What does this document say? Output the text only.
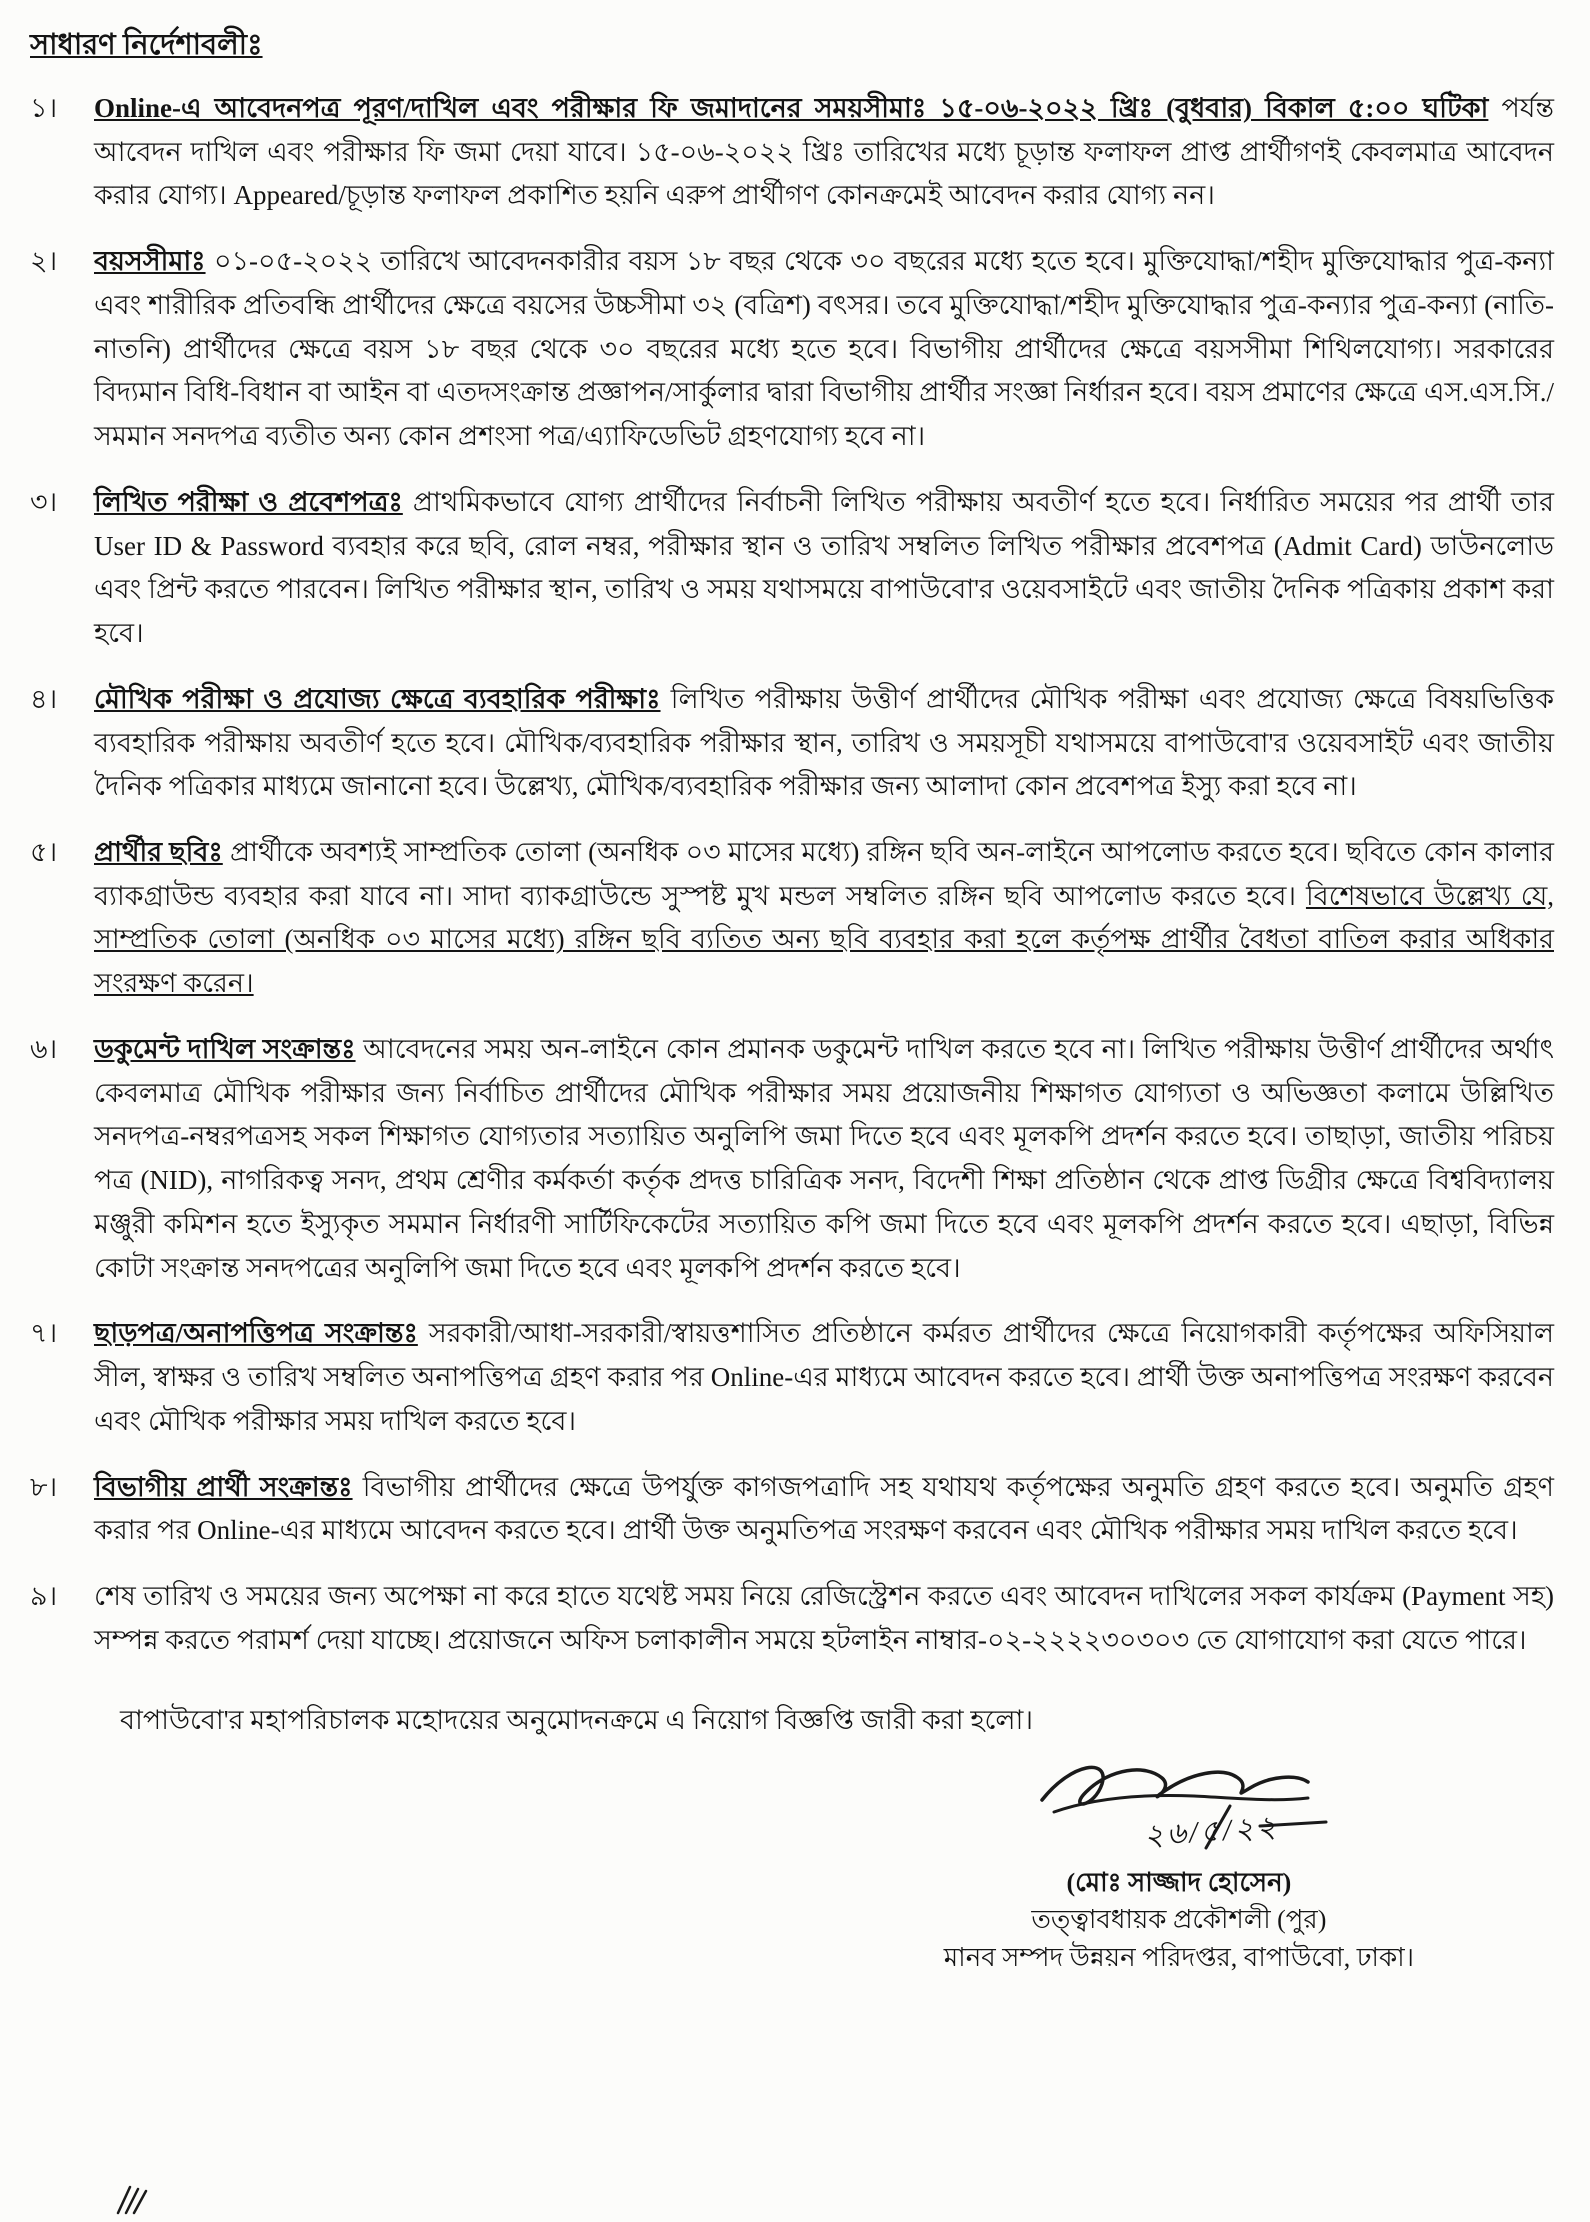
সাধারণ নির্দেশাবলীঃ
১।	Online-এ আবেদনপত্র পূরণ/দাখিল এবং পরীক্ষার ফি জমাদানের সময়সীমাঃ ১৫-০৬-২০২২ খ্রিঃ (বুধবার) বিকাল ৫:০০ ঘটিকা পর্যন্ত আবেদন দাখিল এবং পরীক্ষার ফি জমা দেয়া যাবে। ১৫-০৬-২০২২ খ্রিঃ তারিখের মধ্যে চূড়ান্ত ফলাফল প্রাপ্ত প্রার্থীগণই কেবলমাত্র আবেদন করার যোগ্য। Appeared/চূড়ান্ত ফলাফল প্রকাশিত হয়নি এরুপ প্রার্থীগণ কোনক্রমেই আবেদন করার যোগ্য নন।
২।	বয়সসীমাঃ ০১-০৫-২০২২ তারিখে আবেদনকারীর বয়স ১৮ বছর থেকে ৩০ বছরের মধ্যে হতে হবে। মুক্তিযোদ্ধা/শহীদ মুক্তিযোদ্ধার পুত্র-কন্যা এবং শারীরিক প্রতিবন্ধি প্রার্থীদের ক্ষেত্রে বয়সের উচ্চসীমা ৩২ (বত্রিশ) বৎসর। তবে মুক্তিযোদ্ধা/শহীদ মুক্তিযোদ্ধার পুত্র-কন্যার পুত্র-কন্যা (নাতি-নাতনি) প্রার্থীদের ক্ষেত্রে বয়স ১৮ বছর থেকে ৩০ বছরের মধ্যে হতে হবে। বিভাগীয় প্রার্থীদের ক্ষেত্রে বয়সসীমা শিথিলযোগ্য। সরকারের বিদ্যমান বিধি-বিধান বা আইন বা এতদসংক্রান্ত প্রজ্ঞাপন/সার্কুলার দ্বারা বিভাগীয় প্রার্থীর সংজ্ঞা নির্ধারন হবে। বয়স প্রমাণের ক্ষেত্রে এস.এস.সি./সমমান সনদপত্র ব্যতীত অন্য কোন প্রশংসা পত্র/এ্যাফিডেভিট গ্রহণযোগ্য হবে না।
৩।	লিখিত পরীক্ষা ও প্রবেশপত্রঃ প্রাথমিকভাবে যোগ্য প্রার্থীদের নির্বাচনী লিখিত পরীক্ষায় অবতীর্ণ হতে হবে। নির্ধারিত সময়ের পর প্রার্থী তার User ID & Password ব্যবহার করে ছবি, রোল নম্বর, পরীক্ষার স্থান ও তারিখ সম্বলিত লিখিত পরীক্ষার প্রবেশপত্র (Admit Card) ডাউনলোড এবং প্রিন্ট করতে পারবেন। লিখিত পরীক্ষার স্থান, তারিখ ও সময় যথাসময়ে বাপাউবো'র ওয়েবসাইটে এবং জাতীয় দৈনিক পত্রিকায় প্রকাশ করা হবে।
৪।	মৌখিক পরীক্ষা ও প্রযোজ্য ক্ষেত্রে ব্যবহারিক পরীক্ষাঃ লিখিত পরীক্ষায় উত্তীর্ণ প্রার্থীদের মৌখিক পরীক্ষা এবং প্রযোজ্য ক্ষেত্রে বিষয়ভিত্তিক ব্যবহারিক পরীক্ষায় অবতীর্ণ হতে হবে। মৌখিক/ব্যবহারিক পরীক্ষার স্থান, তারিখ ও সময়সূচী যথাসময়ে বাপাউবো'র ওয়েবসাইট এবং জাতীয় দৈনিক পত্রিকার মাধ্যমে জানানো হবে। উল্লেখ্য, মৌখিক/ব্যবহারিক পরীক্ষার জন্য আলাদা কোন প্রবেশপত্র ইস্যু করা হবে না।
৫।	প্রার্থীর ছবিঃ প্রার্থীকে অবশ্যই সাম্প্রতিক তোলা (অনধিক ০৩ মাসের মধ্যে) রঙ্গিন ছবি অন-লাইনে আপলোড করতে হবে। ছবিতে কোন কালার ব্যাকগ্রাউন্ড ব্যবহার করা যাবে না। সাদা ব্যাকগ্রাউন্ডে সুস্পষ্ট মুখ মন্ডল সম্বলিত রঙ্গিন ছবি আপলোড করতে হবে। বিশেষভাবে উল্লেখ্য যে, সাম্প্রতিক তোলা (অনধিক ০৩ মাসের মধ্যে) রঙ্গিন ছবি ব্যতিত অন্য ছবি ব্যবহার করা হলে কর্তৃপক্ষ প্রার্থীর বৈধতা বাতিল করার অধিকার সংরক্ষণ করেন।
৬।	ডকুমেন্ট দাখিল সংক্রান্তঃ আবেদনের সময় অন-লাইনে কোন প্রমানক ডকুমেন্ট দাখিল করতে হবে না। লিখিত পরীক্ষায় উত্তীর্ণ প্রার্থীদের অর্থাৎ কেবলমাত্র মৌখিক পরীক্ষার জন্য নির্বাচিত প্রার্থীদের মৌখিক পরীক্ষার সময় প্রয়োজনীয় শিক্ষাগত যোগ্যতা ও অভিজ্ঞতা কলামে উল্লিখিত সনদপত্র-নম্বরপত্রসহ সকল শিক্ষাগত যোগ্যতার সত্যায়িত অনুলিপি জমা দিতে হবে এবং মূলকপি প্রদর্শন করতে হবে। তাছাড়া, জাতীয় পরিচয় পত্র (NID), নাগরিকত্ব সনদ, প্রথম শ্রেণীর কর্মকর্তা কর্তৃক প্রদত্ত চারিত্রিক সনদ, বিদেশী শিক্ষা প্রতিষ্ঠান থেকে প্রাপ্ত ডিগ্রীর ক্ষেত্রে বিশ্ববিদ্যালয় মঞ্জুরী কমিশন হতে ইস্যুকৃত সমমান নির্ধারণী সার্টিফিকেটের সত্যায়িত কপি জমা দিতে হবে এবং মূলকপি প্রদর্শন করতে হবে। এছাড়া, বিভিন্ন কোটা সংক্রান্ত সনদপত্রের অনুলিপি জমা দিতে হবে এবং মূলকপি প্রদর্শন করতে হবে।
৭।	ছাড়পত্র/অনাপত্তিপত্র সংক্রান্তঃ সরকারী/আধা-সরকারী/স্বায়ত্তশাসিত প্রতিষ্ঠানে কর্মরত প্রার্থীদের ক্ষেত্রে নিয়োগকারী কর্তৃপক্ষের অফিসিয়াল সীল, স্বাক্ষর ও তারিখ সম্বলিত অনাপত্তিপত্র গ্রহণ করার পর Online-এর মাধ্যমে আবেদন করতে হবে। প্রার্থী উক্ত অনাপত্তিপত্র সংরক্ষণ করবেন এবং মৌখিক পরীক্ষার সময় দাখিল করতে হবে।
৮।	বিভাগীয় প্রার্থী সংক্রান্তঃ বিভাগীয় প্রার্থীদের ক্ষেত্রে উপর্যুক্ত কাগজপত্রাদি সহ যথাযথ কর্তৃপক্ষের অনুমতি গ্রহণ করতে হবে। অনুমতি গ্রহণ করার পর Online-এর মাধ্যমে আবেদন করতে হবে। প্রার্থী উক্ত অনুমতিপত্র সংরক্ষণ করবেন এবং মৌখিক পরীক্ষার সময় দাখিল করতে হবে।
৯।	শেষ তারিখ ও সময়ের জন্য অপেক্ষা না করে হাতে যথেষ্ট সময় নিয়ে রেজিস্ট্রেশন করতে এবং আবেদন দাখিলের সকল কার্যক্রম (Payment সহ) সম্পন্ন করতে পরামর্শ দেয়া যাচ্ছে। প্রয়োজনে অফিস চলাকালীন সময়ে হটলাইন নাম্বার-০২-২২২২৩০৩০৩ তে যোগাযোগ করা যেতে পারে।

বাপাউবো'র মহাপরিচালক মহোদয়ের অনুমোদনক্রমে এ নিয়োগ বিজ্ঞপ্তি জারী করা হলো।

২৬/৫/২২
(মোঃ সাজ্জাদ হোসেন)
তত্ত্বাবধায়ক প্রকৌশলী (পুর)
মানব সম্পদ উন্নয়ন পরিদপ্তর, বাপাউবো, ঢাকা।
